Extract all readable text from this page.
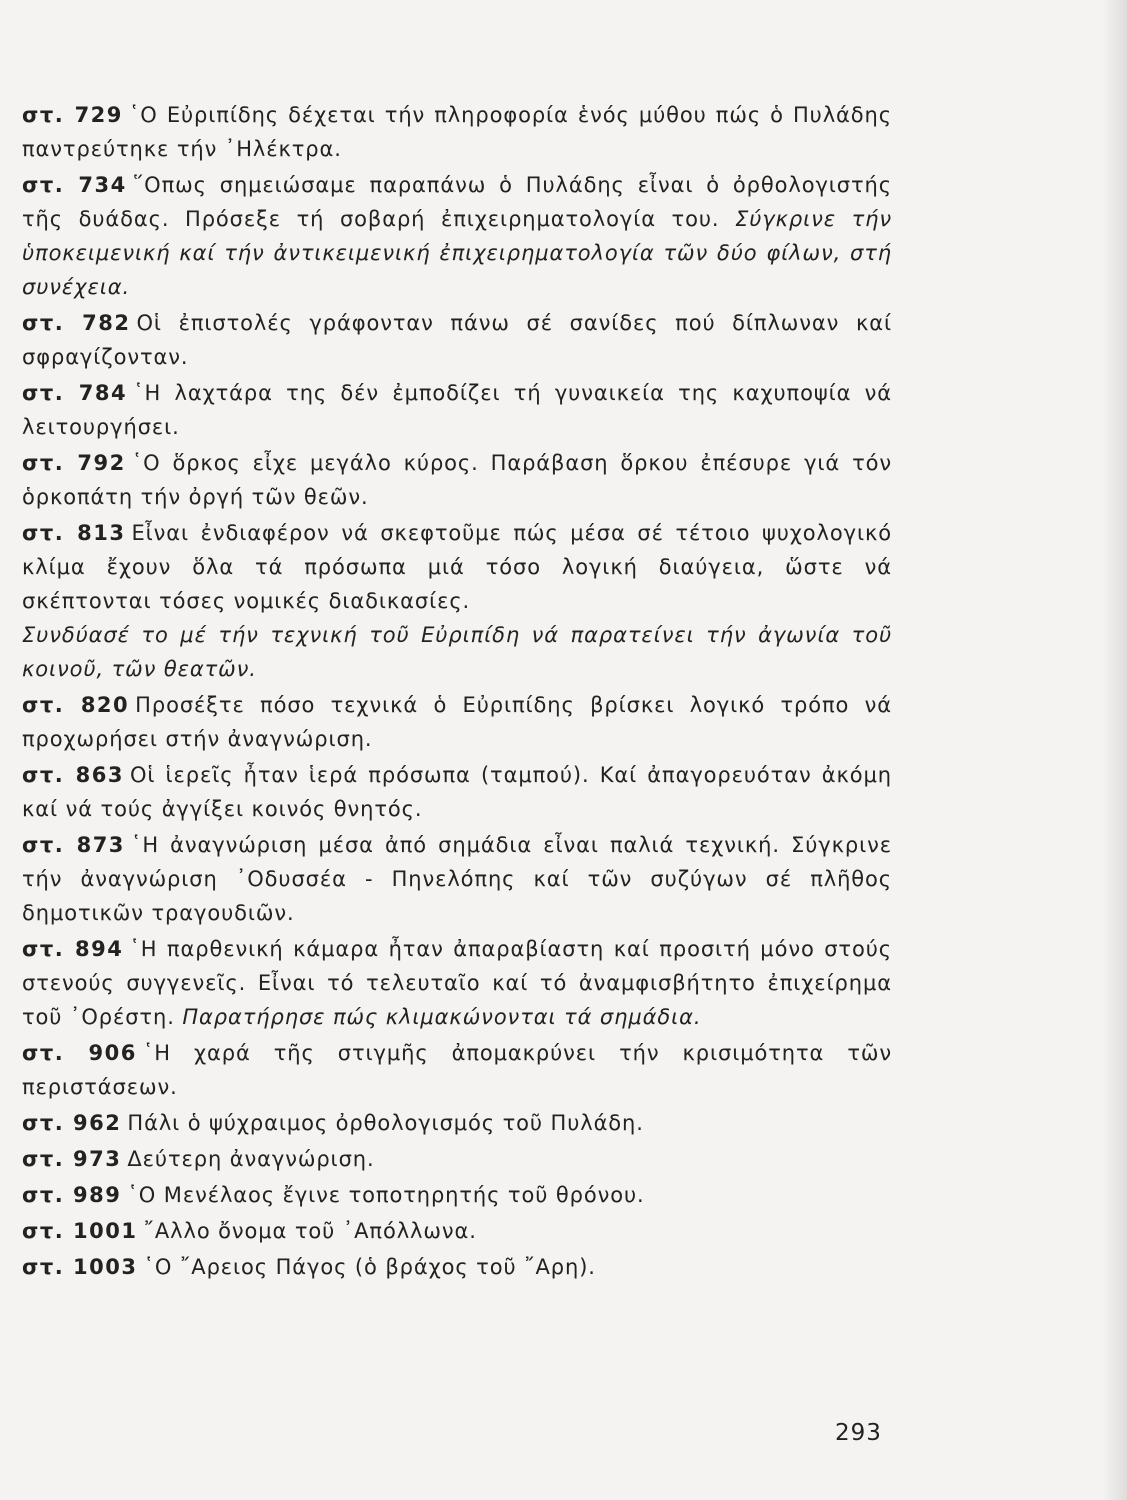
στ. 729 ῾Ο Εὐριπίδης δέχεται τήν πληροφορία ἑνός μύθου πώς ὁ Πυλάδης παντρεύτηκε τήν ᾿Ηλέκτρα.

στ. 734 ῞Οπως σημειώσαμε παραπάνω ὁ Πυλάδης εἶναι ὁ ὀρθολογιστής τῆς δυάδας. Πρόσεξε τή σοβαρή ἐπιχειρηματολογία του. Σύγκρινε τήν ὑποκειμενική καί τήν ἀντικειμενική ἐπιχειρηματολογία τῶν δύο φίλων, στή συνέχεια.

στ. 782 Οἱ ἐπιστολές γράφονταν πάνω σέ σανίδες πού δίπλωναν καί σφραγίζονταν.

στ. 784 ῾Η λαχτάρα της δέν ἐμποδίζει τή γυναικεία της καχυποψία νά λειτουργήσει.

στ. 792 ῾Ο ὅρκος εἶχε μεγάλο κύρος. Παράβαση ὅρκου ἐπέσυρε γιά τόν ὁρκοπάτη τήν ὀργή τῶν θεῶν.

στ. 813 Εἶναι ἐνδιαφέρον νά σκεφτοῦμε πώς μέσα σέ τέτοιο ψυχολογικό κλίμα ἔχουν ὅλα τά πρόσωπα μιά τόσο λογική διαύγεια, ὥστε νά σκέπτονται τόσες νομικές διαδικασίες.
Συνδύασέ το μέ τήν τεχνική τοῦ Εὐριπίδη νά παρατείνει τήν ἀγωνία τοῦ κοινοῦ, τῶν θεατῶν.

στ. 820 Προσέξτε πόσο τεχνικά ὁ Εὐριπίδης βρίσκει λογικό τρόπο νά προχωρήσει στήν ἀναγνώριση.

στ. 863 Οἱ ἱερεῖς ἦταν ἱερά πρόσωπα (ταμπού). Καί ἀπαγορευόταν ἀκόμη καί νά τούς ἀγγίξει κοινός θνητός.

στ. 873 ῾Η ἀναγνώριση μέσα ἀπό σημάδια εἶναι παλιά τεχνική. Σύγκρινε τήν ἀναγνώριση ᾿Οδυσσέα - Πηνελόπης καί τῶν συζύγων σέ πλῆθος δημοτικῶν τραγουδιῶν.

στ. 894 ῾Η παρθενική κάμαρα ἦταν ἀπαραβίαστη καί προσιτή μόνο στούς στενούς συγγενεῖς. Εἶναι τό τελευταῖο καί τό ἀναμφισβήτητο ἐπιχείρημα τοῦ ᾿Ορέστη. Παρατήρησε πώς κλιμακώνονται τά σημάδια.

στ. 906 ῾Η χαρά τῆς στιγμῆς ἀπομακρύνει τήν κρισιμότητα τῶν περιστάσεων.

στ. 962 Πάλι ὁ ψύχραιμος ὀρθολογισμός τοῦ Πυλάδη.

στ. 973 Δεύτερη ἀναγνώριση.

στ. 989 ῾Ο Μενέλαος ἔγινε τοποτηρητής τοῦ θρόνου.

στ. 1001 ῎Αλλο ὄνομα τοῦ ᾿Απόλλωνα.

στ. 1003 ῾Ο ῎Αρειος Πάγος (ὁ βράχος τοῦ ῎Αρη).

293
